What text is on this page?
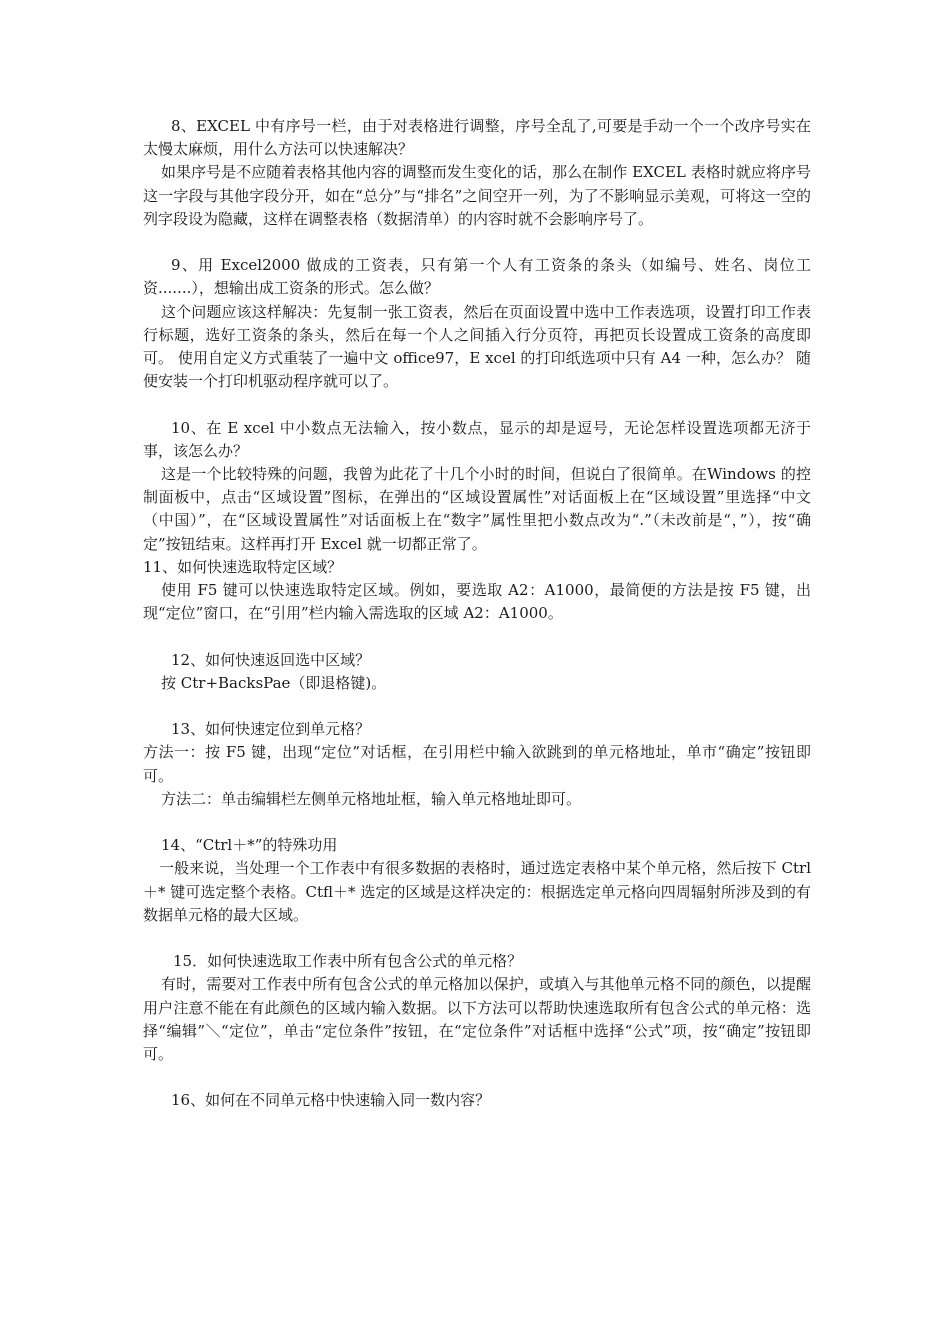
8、EXCEL 中有序号一栏，由于对表格进行调整，序号全乱了,可要是手动一个一个改序号实在太慢太麻烦，用什么方法可以快速解决？

如果序号是不应随着表格其他内容的调整而发生变化的话，那么在制作 EXCEL 表格时就应将序号这一字段与其他字段分开，如在“总分”与“排名”之间空开一列，为了不影响显示美观，可将这一空的列字段设为隐藏，这样在调整表格（数据清单）的内容时就不会影响序号了。

9、用 Excel2000 做成的工资表，只有第一个人有工资条的条头（如编号、姓名、岗位工资.......），想输出成工资条的形式。怎么做？

这个问题应该这样解决：先复制一张工资表，然后在页面设置中选中工作表选项，设置打印工作表行标题，选好工资条的条头，然后在每一个人之间插入行分页符，再把页长设置成工资条的高度即可。 使用自定义方式重装了一遍中文 office97，E xcel 的打印纸选项中只有 A4 一种，怎么办？ 随便安装一个打印机驱动程序就可以了。

10、在 E xcel 中小数点无法输入，按小数点，显示的却是逗号，无论怎样设置选项都无济于事，该怎么办？

这是一个比较特殊的问题，我曾为此花了十几个小时的时间，但说白了很简单。在Windows 的控制面板中，点击“区域设置”图标，在弹出的“区域设置属性”对话面板上在“区域设置”里选择“中文（中国）”，在“区域设置属性”对话面板上在“数字”属性里把小数点改为“.”（未改前是“，”），按“确定”按钮结束。这样再打开 Excel 就一切都正常了。

11、如何快速选取特定区域？

使用 F5 键可以快速选取特定区域。例如，要选取 A2：A1000，最简便的方法是按 F5 键，出现“定位”窗口，在“引用”栏内输入需选取的区域 A2：A1000。

12、如何快速返回选中区域？

按 Ctr+BacksPae（即退格键)。

13、如何快速定位到单元格？

方法一：按 F5 键，出现“定位”对话框，在引用栏中输入欲跳到的单元格地址，单市“确定”按钮即可。

方法二：单击编辑栏左侧单元格地址框，输入单元格地址即可。

14、“Ctrl＋*”的特殊功用

一般来说，当处理一个工作表中有很多数据的表格时，通过选定表格中某个单元格，然后按下 Ctrl＋* 键可选定整个表格。Ctfl＋* 选定的区域是这样决定的：根据选定单元格向四周辐射所涉及到的有数据单元格的最大区域。

15．如何快速选取工作表中所有包含公式的单元格？

有时，需要对工作表中所有包含公式的单元格加以保护，或填入与其他单元格不同的颜色，以提醒用户注意不能在有此颜色的区域内输入数据。以下方法可以帮助快速选取所有包含公式的单元格：选择“编辑”＼“定位”，单击“定位条件”按钮，在“定位条件”对话框中选择“公式”项，按“确定”按钮即可。

16、如何在不同单元格中快速输入同一数内容？
